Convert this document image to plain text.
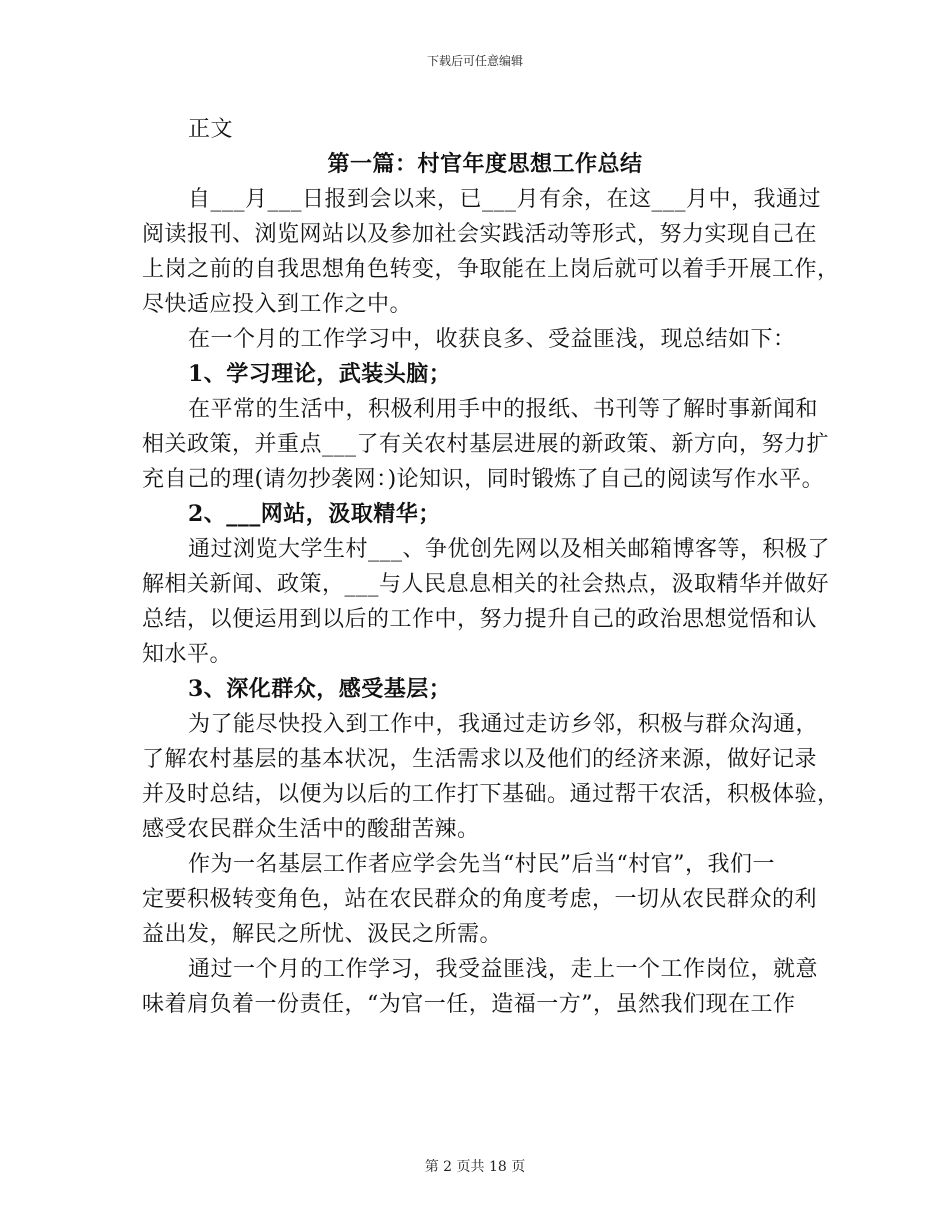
下载后可任意编辑
正文
第一篇：村官年度思想工作总结
自___月___日报到会以来，已___月有余，在这___月中，我通过
阅读报刊、浏览网站以及参加社会实践活动等形式，努力实现自己在
上岗之前的自我思想角色转变，争取能在上岗后就可以着手开展工作，
尽快适应投入到工作之中。
在一个月的工作学习中，收获良多、受益匪浅，现总结如下：
1、学习理论，武装头脑；
在平常的生活中，积极利用手中的报纸、书刊等了解时事新闻和
相关政策，并重点___了有关农村基层进展的新政策、新方向，努力扩
充自己的理(请勿抄袭网：)论知识，同时锻炼了自己的阅读写作水平。
2、___网站，汲取精华；
通过浏览大学生村___、争优创先网以及相关邮箱博客等，积极了
解相关新闻、政策，___与人民息息相关的社会热点，汲取精华并做好
总结，以便运用到以后的工作中，努力提升自己的政治思想觉悟和认
知水平。
3、深化群众，感受基层；
为了能尽快投入到工作中，我通过走访乡邻，积极与群众沟通，
了解农村基层的基本状况，生活需求以及他们的经济来源，做好记录
并及时总结，以便为以后的工作打下基础。通过帮干农活，积极体验，
感受农民群众生活中的酸甜苦辣。
作为一名基层工作者应学会先当“村民”后当“村官”，我们一
定要积极转变角色，站在农民群众的角度考虑，一切从农民群众的利
益出发，解民之所忧、汲民之所需。
通过一个月的工作学习，我受益匪浅，走上一个工作岗位，就意
味着肩负着一份责任，“为官一任，造福一方”，虽然我们现在工作
第 2 页共 18 页
